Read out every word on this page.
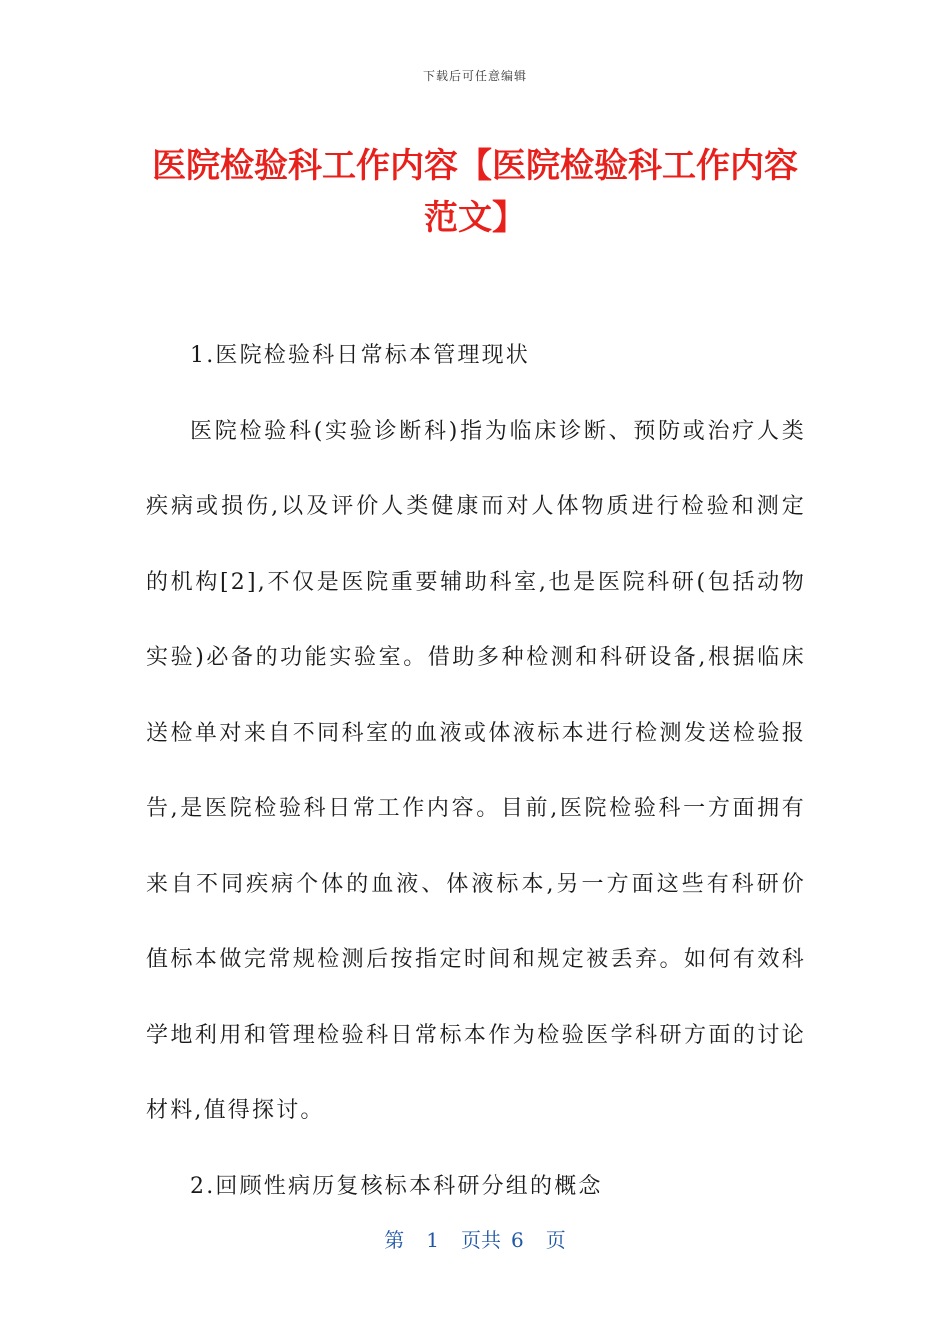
下载后可任意编辑
医院检验科工作内容【医院检验科工作内容范文】

1.医院检验科日常标本管理现状

医院检验科(实验诊断科)指为临床诊断、预防或治疗人类疾病或损伤,以及评价人类健康而对人体物质进行检验和测定的机构[2],不仅是医院重要辅助科室,也是医院科研(包括动物实验)必备的功能实验室。借助多种检测和科研设备,根据临床送检单对来自不同科室的血液或体液标本进行检测发送检验报告,是医院检验科日常工作内容。目前,医院检验科一方面拥有来自不同疾病个体的血液、体液标本,另一方面这些有科研价值标本做完常规检测后按指定时间和规定被丢弃。如何有效科学地利用和管理检验科日常标本作为检验医学科研方面的讨论材料,值得探讨。

2.回顾性病历复核标本科研分组的概念

第 1 页共 6 页
